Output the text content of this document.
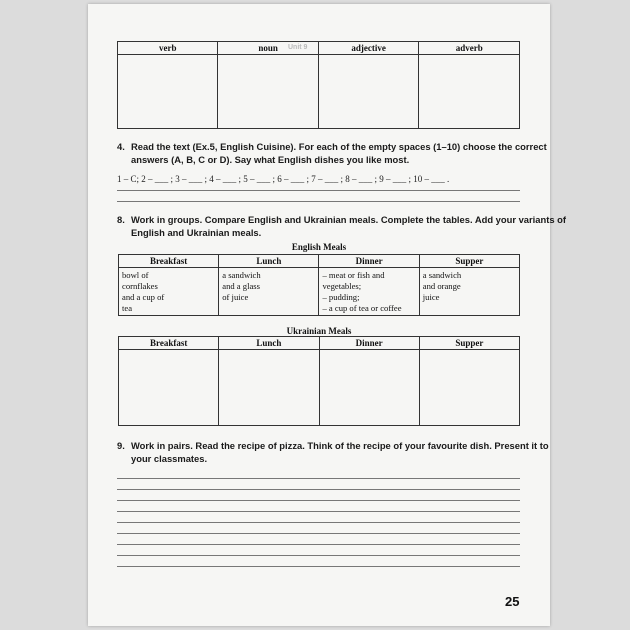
Unit 9
verb	noun	adjective	adverb

4. Read the text (Ex.5, English Cuisine). For each of the empty spaces (1–10) choose the correct answers (A, B, C or D). Say what English dishes you like most.
1 – C; 2 – ___ ; 3 – ___ ; 4 – ___ ; 5 – ___ ; 6 – ___ ; 7 – ___ ; 8 – ___ ; 9 – ___ ; 10 – ___ .
8. Work in groups. Compare English and Ukrainian meals. Complete the tables. Add your variants of English and Ukrainian meals.
English Meals
Breakfast	Lunch	Dinner	Supper

bowl of
cornflakes
and a cup of
tea	a sandwich
and a glass
of juice	– meat or fish and
vegetables;
– pudding;
– a cup of tea or coffee	a sandwich
and orange
juice
Ukrainian Meals
Breakfast	Lunch	Dinner	Supper

9. Work in pairs. Read the recipe of pizza. Think of the recipe of your favourite dish. Present it to your classmates.
25
